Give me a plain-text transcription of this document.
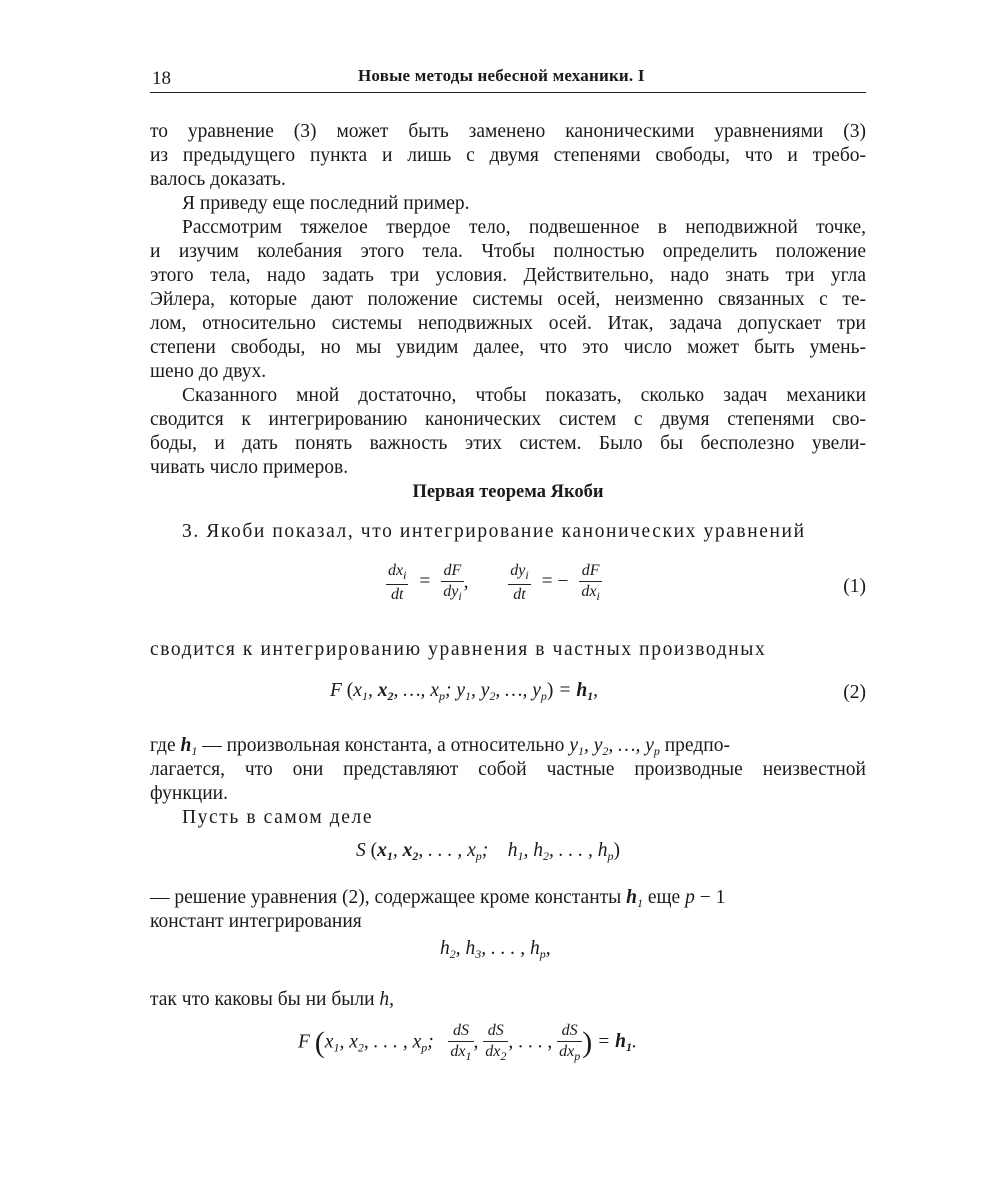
18	Новые методы небесной механики. I
то уравнение (3) может быть заменено каноническими уравнениями (3)
из предыдущего пункта и лишь с двумя степенями свободы, что и требо-
валось доказать.
Я приведу еще последний пример.
Рассмотрим тяжелое твердое тело, подвешенное в неподвижной точке,
и изучим колебания этого тела. Чтобы полностью определить положение
этого тела, надо задать три условия. Действительно, надо знать три угла
Эйлера, которые дают положение системы осей, неизменно связанных с те-
лом, относительно системы неподвижных осей. Итак, задача допускает три
степени свободы, но мы увидим далее, что это число может быть умень-
шено до двух.
Сказанного мной достаточно, чтобы показать, сколько задач механики
сводится к интегрированию канонических систем с двумя степенями сво-
боды, и дать понять важность этих систем. Было бы бесполезно увели-
чивать число примеров.
Первая теорема Якоби
3. Якоби показал, что интегрирование канонических уравнений
$\frac{dx_i}{dt} = \frac{dF}{dy_i}$ , $\frac{dy_i}{dt}$ = − $\frac{dF}{dx_i}$	(1)
сводится к интегрированию уравнения в частных производных
F ($x_1$, $x_2$, …, $x_p$; $y_1$, $y_2$, …, $y_p) = h_1$,	(2)
где $h_1$ — произвольная константа, а относительно $y_1$, $y_2$, …, $y_p$ предпо-
лагается, что они представляют собой частные производные неизвестной
функции.
Пусть в самом деле
S ($x_1$, $x_2$, . . . , $x_p$;    $h_1$, $h_2$, . . . , $h_p$)
— решение уравнения (2), содержащее кроме константы $h_1$ еще p − 1
констант интегрирования
$h_2$, $h_3$, . . . , $h_p$,
так что каковы бы ни были h,
F ($x_1$, $x_2$, . . . , $x_p$; $\frac{dS}{dx_1}$ , $\frac{dS}{dx_2}$ , . . . , $\frac{dS}{dx_p}$ ) = $h_1$.
